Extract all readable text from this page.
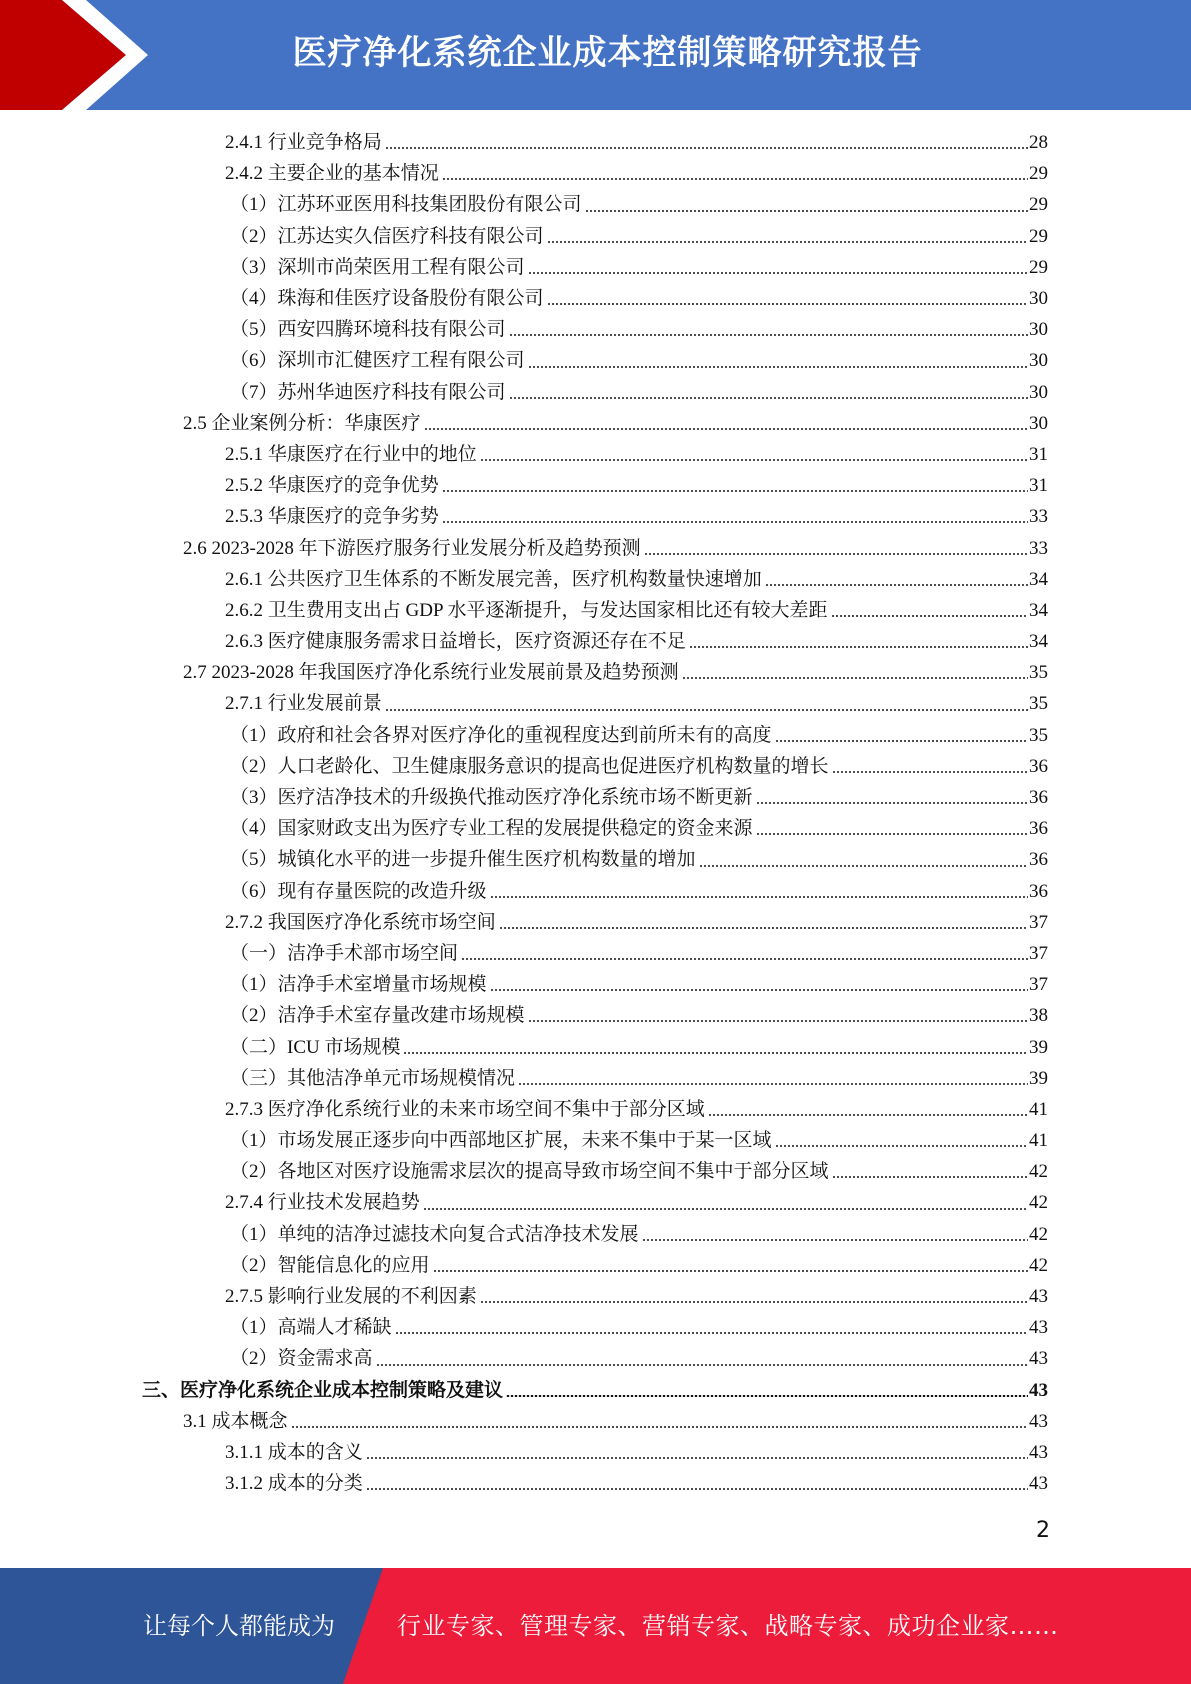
医疗净化系统企业成本控制策略研究报告
2.4.1 行业竞争格局	28
2.4.2 主要企业的基本情况	29
（1）江苏环亚医用科技集团股份有限公司	29
（2）江苏达实久信医疗科技有限公司	29
（3）深圳市尚荣医用工程有限公司	29
（4）珠海和佳医疗设备股份有限公司	30
（5）西安四腾环境科技有限公司	30
（6）深圳市汇健医疗工程有限公司	30
（7）苏州华迪医疗科技有限公司	30
2.5 企业案例分析：华康医疗	30
2.5.1 华康医疗在行业中的地位	31
2.5.2 华康医疗的竞争优势	31
2.5.3 华康医疗的竞争劣势	33
2.6 2023-2028 年下游医疗服务行业发展分析及趋势预测	33
2.6.1 公共医疗卫生体系的不断发展完善，医疗机构数量快速增加	34
2.6.2 卫生费用支出占 GDP 水平逐渐提升，与发达国家相比还有较大差距	34
2.6.3 医疗健康服务需求日益增长，医疗资源还存在不足	34
2.7 2023-2028 年我国医疗净化系统行业发展前景及趋势预测	35
2.7.1 行业发展前景	35
（1）政府和社会各界对医疗净化的重视程度达到前所未有的高度	35
（2）人口老龄化、卫生健康服务意识的提高也促进医疗机构数量的增长	36
（3）医疗洁净技术的升级换代推动医疗净化系统市场不断更新	36
（4）国家财政支出为医疗专业工程的发展提供稳定的资金来源	36
（5）城镇化水平的进一步提升催生医疗机构数量的增加	36
（6）现有存量医院的改造升级	36
2.7.2 我国医疗净化系统市场空间	37
（一）洁净手术部市场空间	37
（1）洁净手术室增量市场规模	37
（2）洁净手术室存量改建市场规模	38
（二）ICU 市场规模	39
（三）其他洁净单元市场规模情况	39
2.7.3 医疗净化系统行业的未来市场空间不集中于部分区域	41
（1）市场发展正逐步向中西部地区扩展，未来不集中于某一区域	41
（2）各地区对医疗设施需求层次的提高导致市场空间不集中于部分区域	42
2.7.4 行业技术发展趋势	42
（1）单纯的洁净过滤技术向复合式洁净技术发展	42
（2）智能信息化的应用	42
2.7.5 影响行业发展的不利因素	43
（1）高端人才稀缺	43
（2）资金需求高	43
三、医疗净化系统企业成本控制策略及建议	43
3.1 成本概念	43
3.1.1 成本的含义	43
3.1.2 成本的分类	43
2
让每个人都能成为	行业专家、管理专家、营销专家、战略专家、成功企业家……
